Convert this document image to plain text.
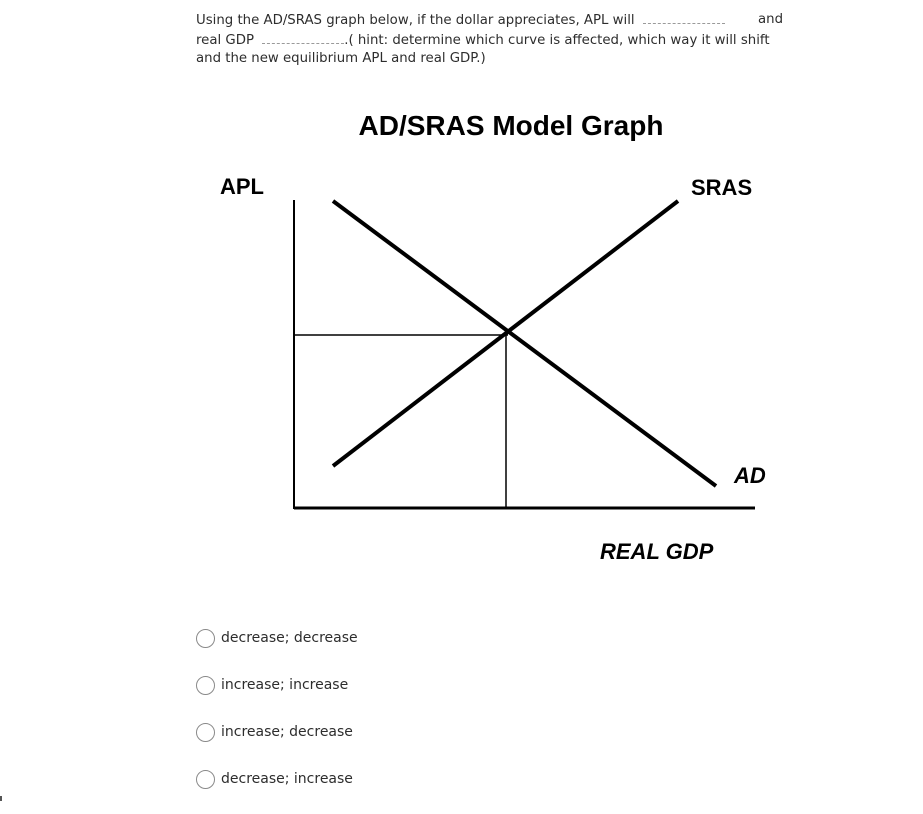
Using the AD/SRAS graph below, if the dollar appreciates, APL will	and
real GDP	.( hint: determine which curve is affected, which way it will shift
and the new equilibrium APL and real GDP.)
AD/SRAS Model Graph
APL	SRAS
AD
REAL GDP
decrease; decrease
increase; increase
increase; decrease
decrease; increase
